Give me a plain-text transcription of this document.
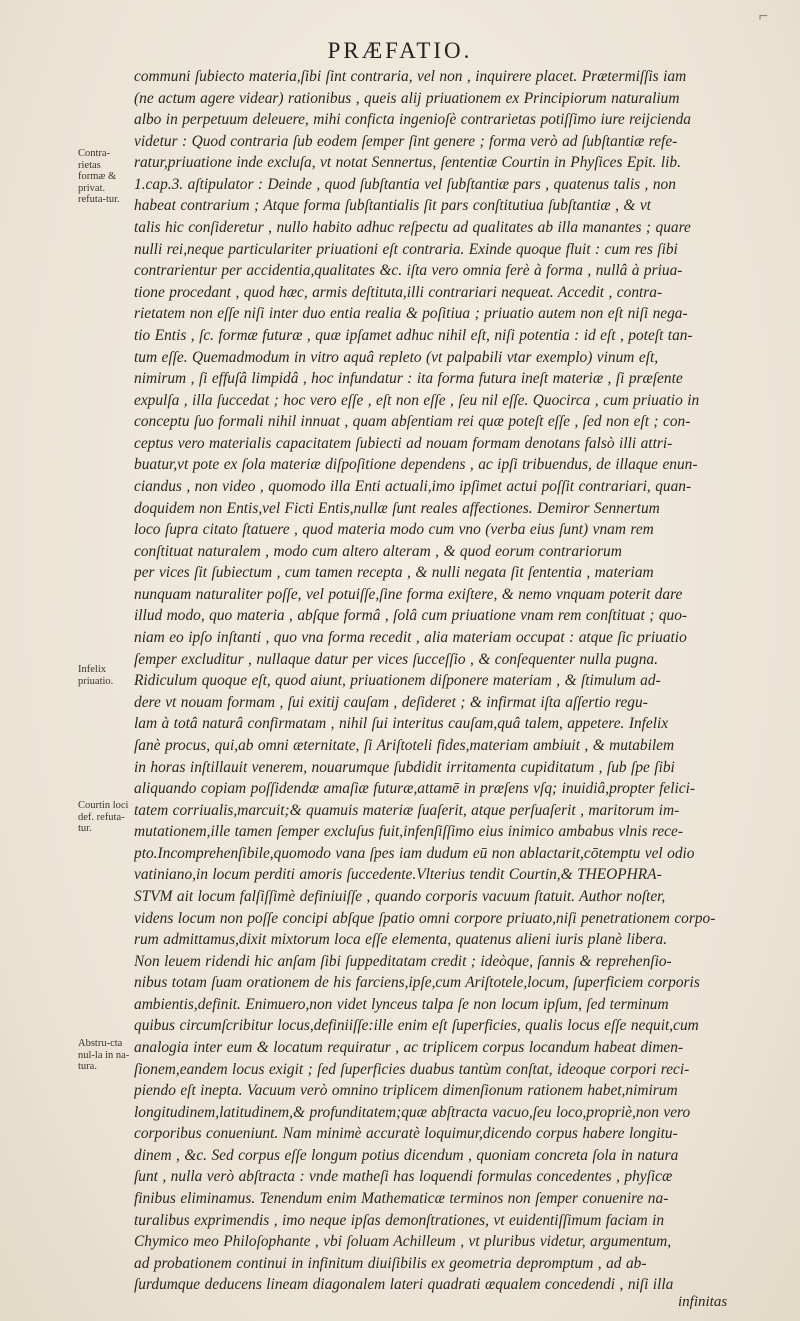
⌐
PRÆFATIO.
communi ſubiecto materia,ſibi ſint contraria, vel non , inquirere placet. Prætermiſſis iam
(ne actum agere videar) rationibus , queis alij priuationem ex Principiorum naturalium
albo in perpetuum deleuere, mihi conficta ingenioſè contrarietas potiſſimo iure reijcienda
videtur : Quod contraria ſub eodem ſemper ſint genere ; forma verò ad ſubſtantiæ refe-
ratur,priuatione inde excluſa, vt notat Sennertus, ſententiæ Courtin in Phyſices Epit. lib.
1.cap.3. aſtipulator : Deinde , quod ſubſtantia vel ſubſtantiæ pars , quatenus talis , non
habeat contrarium ; Atque forma ſubſtantialis ſit pars conſtitutiua ſubſtantiæ , & vt
talis hic conſideretur , nullo habito adhuc reſpectu ad qualitates ab illa manantes ; quare
nulli rei,neque particulariter priuationi eſt contraria. Exinde quoque fluit : cum res ſibi
contrarientur per accidentia,qualitates &c. iſta vero omnia ferè à forma , nullâ à priua-
tione procedant , quod hæc, armis deſtituta,illi contrariari nequeat. Accedit , contra-
rietatem non eſſe niſi inter duo entia realia & poſitiua ; priuatio autem non eſt niſi nega-
tio Entis , ſc. formæ futuræ , quæ ipſamet adhuc nihil eſt, niſi potentia : id eſt , poteſt tan-
tum eſſe. Quemadmodum in vitro aquâ repleto (vt palpabili vtar exemplo) vinum eſt,
nimirum , ſi effuſâ limpidâ , hoc infundatur : ita forma futura ineſt materiæ , ſi præſente
expulſa , illa ſuccedat ; hoc vero eſſe , eſt non eſſe , ſeu nil eſſe. Quocirca , cum priuatio in
conceptu ſuo formali nihil innuat , quam abſentiam rei quæ poteſt eſſe , ſed non eſt ; con-
ceptus vero materialis capacitatem ſubiecti ad nouam formam denotans falsò illi attri-
buatur,vt pote ex ſola materiæ diſpoſitione dependens , ac ipſi tribuendus, de illaque enun-
ciandus , non video , quomodo illa Enti actuali,imo ipſimet actui poſſit contrariari, quan-
doquidem non Entis,vel Ficti Entis,nullæ ſunt reales affectiones. Demiror Sennertum
loco ſupra citato ſtatuere , quod materia modo cum vno (verba eius ſunt) vnam rem
conſtituat naturalem , modo cum altero alteram , & quod eorum contrariorum
per vices ſit ſubiectum , cum tamen recepta , & nulli negata ſit ſententia , materiam
nunquam naturaliter poſſe, vel potuiſſe,ſine forma exiſtere, & nemo vnquam poterit dare
illud modo, quo materia , abſque formâ , ſolâ cum priuatione vnam rem conſtituat ; quo-
niam eo ipſo inſtanti , quo vna forma recedit , alia materiam occupat : atque ſic priuatio
ſemper excluditur , nullaque datur per vices ſucceſſio , & conſequenter nulla pugna.
Ridiculum quoque eſt, quod aiunt, priuationem diſponere materiam , & ſtimulum ad-
dere vt nouam formam , ſui exitij cauſam , deſideret ; & infirmat iſta aſſertio regu-
lam à totâ naturâ confirmatam , nihil ſui interitus cauſam,quâ talem, appetere. Infelix
ſanè procus, qui,ab omni æternitate, ſi Ariſtoteli fides,materiam ambiuit , & mutabilem
in horas inſtillauit venerem, nouarumque ſubdidit irritamenta cupiditatum , ſub ſpe ſibi
aliquando copiam poſſidendæ amaſiæ futuræ,attamē in præſens vſq; inuidiâ,propter felici-
tatem corriualis,marcuit;& quamuis materiæ ſuaſerit, atque perſuaſerit , maritorum im-
mutationem,ille tamen ſemper excluſus fuit,infenſiſſimo eius inimico ambabus vlnis rece-
pto.Incomprehenſibile,quomodo vana ſpes iam dudum eū non ablactarit,cōtemptu vel odio
vatiniano,in locum perditi amoris ſuccedente.Vlterius tendit Courtin,& THEOPHRA-
STVM ait locum falſiſſimè definiuiſſe , quando corporis vacuum ſtatuit. Author noſter,
videns locum non poſſe concipi abſque ſpatio omni corpore priuato,niſi penetrationem corpo-
rum admittamus,dixit mixtorum loca eſſe elementa, quatenus alieni iuris planè libera.
Non leuem ridendi hic anſam ſibi ſuppeditatam credit ; ideòque, ſannis & reprehenſio-
nibus totam ſuam orationem de his farciens,ipſe,cum Ariſtotele,locum, ſuperficiem corporis
ambientis,definit. Enimuero,non videt lynceus talpa ſe non locum ipſum, ſed terminum
quibus circumſcribitur locus,definiiſſe:ille enim eſt ſuperficies, qualis locus eſſe nequit,cum
analogia inter eum & locatum requiratur , ac triplicem corpus locandum habeat dimen-
ſionem,eandem locus exigit ; ſed ſuperficies duabus tantùm conſtat, ideoque corpori reci-
piendo eſt inepta. Vacuum verò omnino triplicem dimenſionum rationem habet,nimirum
longitudinem,latitudinem,& profunditatem;quæ abſtracta vacuo,ſeu loco,propriè,non vero
corporibus conueniunt. Nam minimè accuratè loquimur,dicendo corpus habere longitu-
dinem , &c. Sed corpus eſſe longum potius dicendum , quoniam concreta ſola in natura
ſunt , nulla verò abſtracta : vnde matheſi has loquendi formulas concedentes , phyſicæ
finibus eliminamus. Tenendum enim Mathematicæ terminos non ſemper conuenire na-
turalibus exprimendis , imo neque ipſas demonſtrationes, vt euidentiſſimum faciam in
Chymico meo Philoſophante , vbi ſoluam Achilleum , vt pluribus videtur, argumentum,
ad probationem continui in infinitum diuiſibilis ex geometria depromptum , ad ab-
ſurdumque deducens lineam diagonalem lateri quadrati æqualem concedendi , niſi illa
Contra-rietas formæ & privat. refuta-tur.
Infelix priuatio.
Courtin loci def. refuta-tur.
Abstru-cta nul-la in na-tura.
infinitas
